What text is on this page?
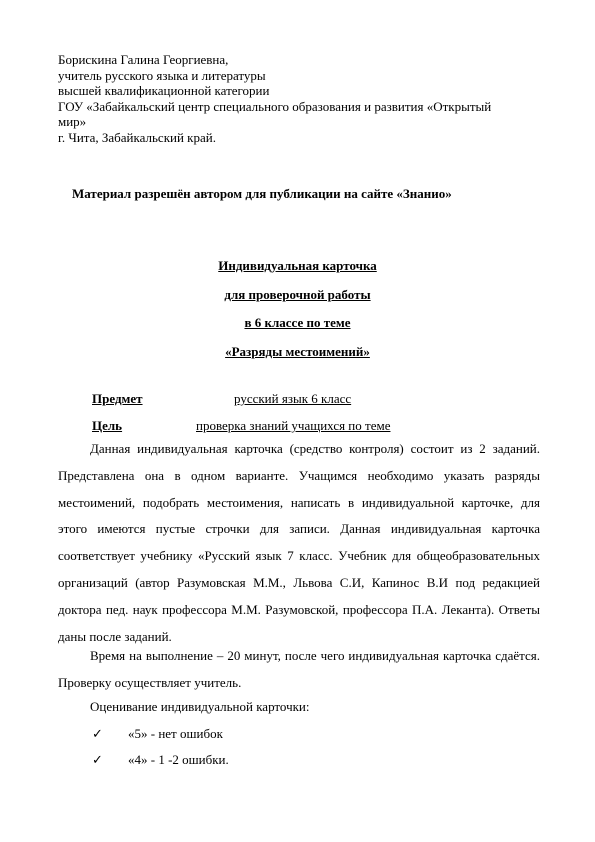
Борискина Галина Георгиевна,
учитель русского языка и литературы
высшей квалификационной категории
ГОУ «Забайкальский центр специального образования и развития «Открытый
мир»
г. Чита, Забайкальский край.
Материал разрешён автором для публикации на сайте «Знанио»
Индивидуальная карточка
для проверочной работы
в 6 классе по теме
«Разряды местоимений»
Предмет	русский язык 6 класс
Цель	проверка знаний учащихся по теме
Данная индивидуальная карточка (средство контроля) состоит из 2 заданий. Представлена она в одном варианте. Учащимся необходимо указать разряды местоимений, подобрать местоимения, написать в индивидуальной карточке, для этого имеются пустые строчки для записи. Данная индивидуальная карточка соответствует учебнику «Русский язык 7 класс. Учебник для общеобразовательных организаций (автор Разумовская М.М., Львова С.И, Капинос В.И под редакцией доктора пед. наук профессора М.М. Разумовской, профессора П.А. Леканта). Ответы даны после заданий.
Время на выполнение – 20 минут, после чего индивидуальная карточка сдаётся. Проверку осуществляет учитель.
Оценивание индивидуальной карточки:
✓ «5» - нет ошибок
✓ «4» - 1 -2 ошибки.
